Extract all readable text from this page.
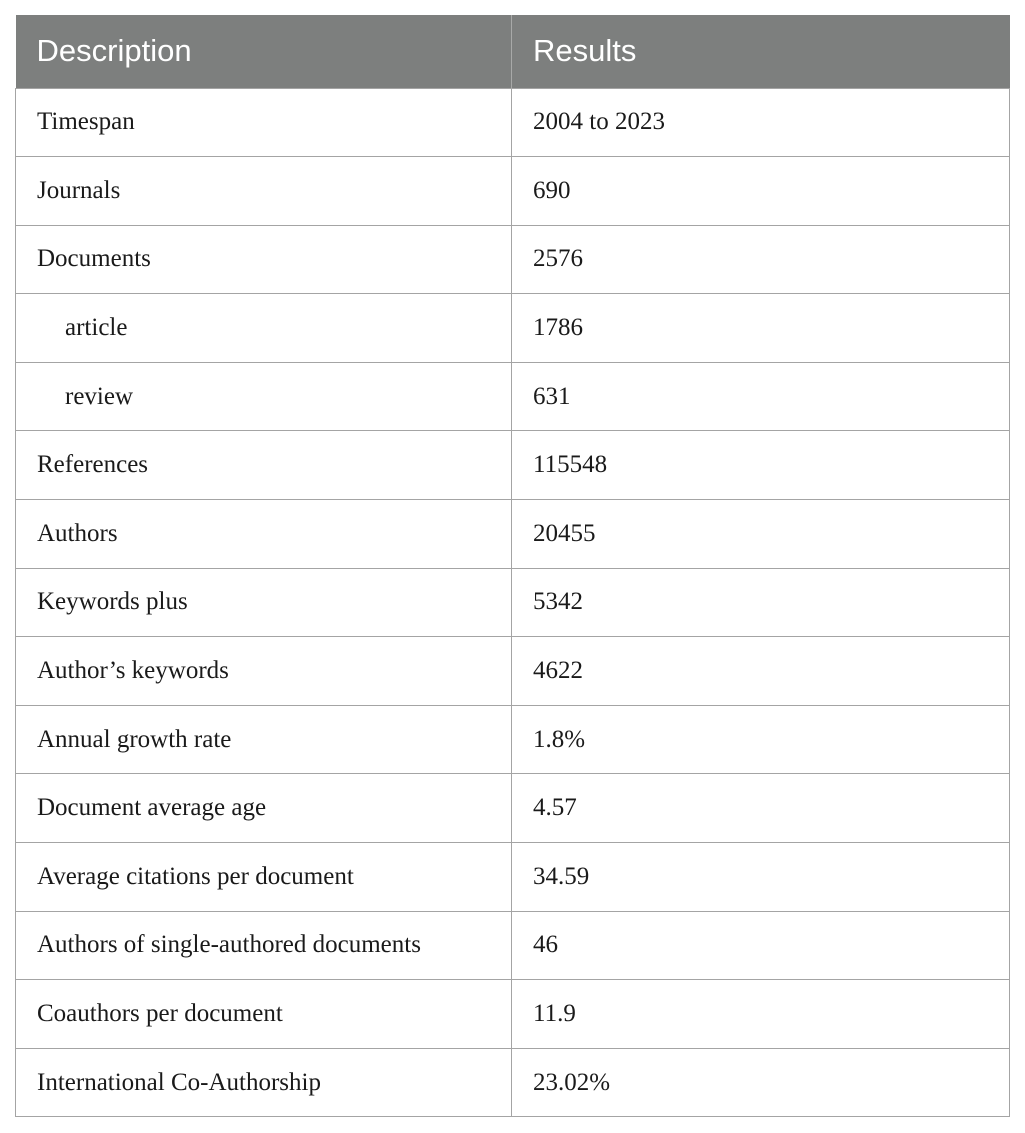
Description	Results
Timespan	2004 to 2023
Journals	690
Documents	2576
article	1786
review	631
References	115548
Authors	20455
Keywords plus	5342
Author’s keywords	4622
Annual growth rate	1.8%
Document average age	4.57
Average citations per document	34.59
Authors of single-authored documents	46
Coauthors per document	11.9
International Co-Authorship	23.02%
